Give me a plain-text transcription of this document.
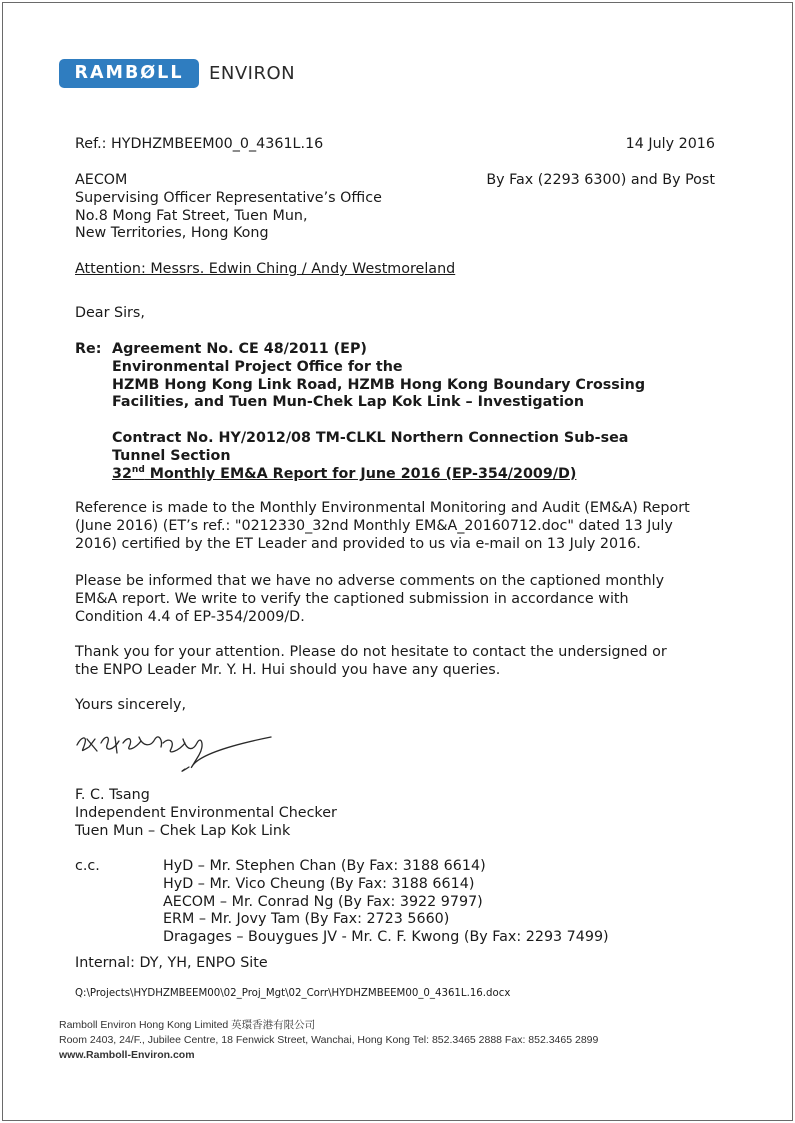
RAMBØLL	ENVIRON
Ref.: HYDHZMBEEM00_0_4361L.16	14 July 2016
AECOM
Supervising Officer Representative’s Office
No.8 Mong Fat Street, Tuen Mun,
New Territories, Hong Kong
By Fax (2293 6300) and By Post
Attention: Messrs. Edwin Ching / Andy Westmoreland
Dear Sirs,
Re: Agreement No. CE 48/2011 (EP)
Environmental Project Office for the
HZMB Hong Kong Link Road, HZMB Hong Kong Boundary Crossing
Facilities, and Tuen Mun-Chek Lap Kok Link – Investigation
Contract No. HY/2012/08 TM-CLKL Northern Connection Sub-sea
Tunnel Section
32nd Monthly EM&A Report for June 2016 (EP-354/2009/D)
Reference is made to the Monthly Environmental Monitoring and Audit (EM&A) Report
(June 2016) (ET’s ref.: "0212330_32nd Monthly EM&A_20160712.doc" dated 13 July
2016) certified by the ET Leader and provided to us via e-mail on 13 July 2016.
Please be informed that we have no adverse comments on the captioned monthly
EM&A report. We write to verify the captioned submission in accordance with
Condition 4.4 of EP-354/2009/D.
Thank you for your attention. Please do not hesitate to contact the undersigned or
the ENPO Leader Mr. Y. H. Hui should you have any queries.
Yours sincerely,
F. C. Tsang
Independent Environmental Checker
Tuen Mun – Chek Lap Kok Link
c.c.	HyD – Mr. Stephen Chan (By Fax: 3188 6614)
HyD – Mr. Vico Cheung (By Fax: 3188 6614)
AECOM – Mr. Conrad Ng (By Fax: 3922 9797)
ERM – Mr. Jovy Tam (By Fax: 2723 5660)
Dragages – Bouygues JV - Mr. C. F. Kwong (By Fax: 2293 7499)
Internal: DY, YH, ENPO Site
Q:\Projects\HYDHZMBEEM00\02_Proj_Mgt\02_Corr\HYDHZMBEEM00_0_4361L.16.docx
Ramboll Environ Hong Kong Limited 英環香港有限公司
Room 2403, 24/F., Jubilee Centre, 18 Fenwick Street, Wanchai, Hong Kong Tel: 852.3465 2888 Fax: 852.3465 2899
www.Ramboll-Environ.com
